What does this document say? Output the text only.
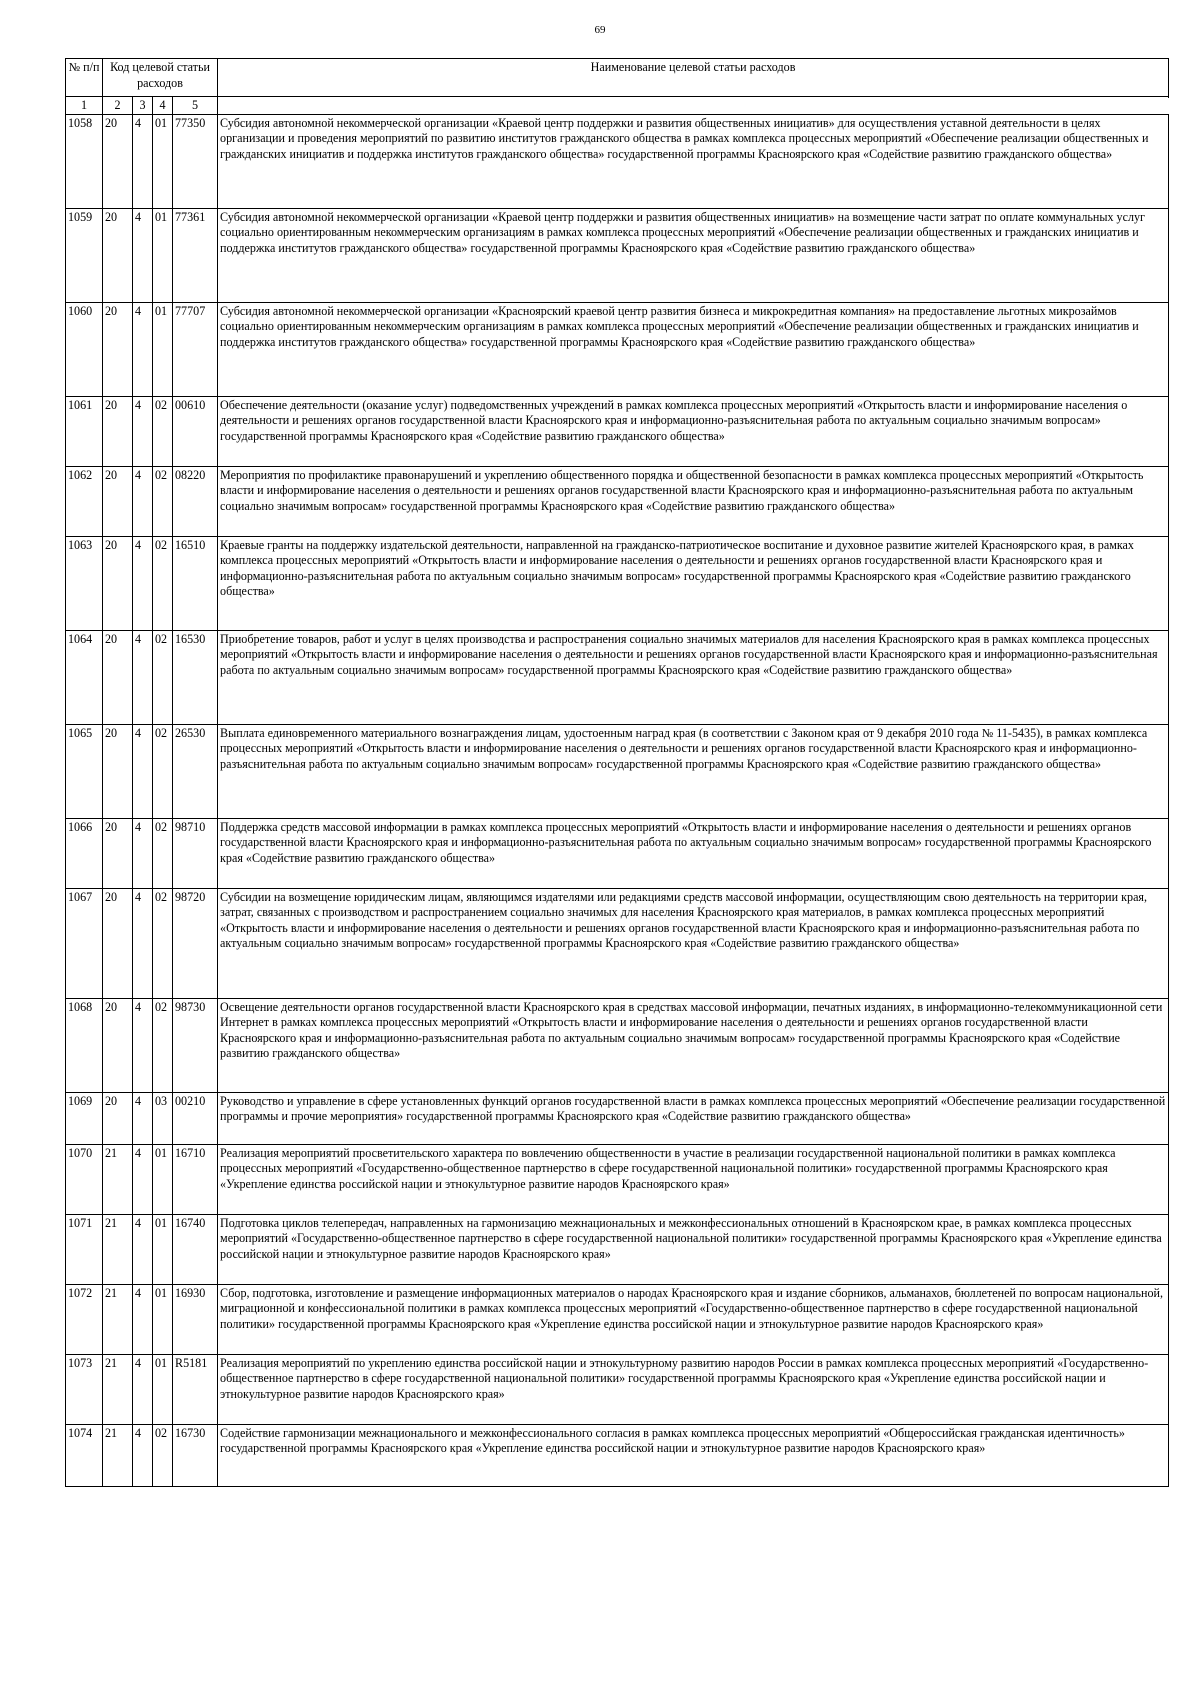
69
№ п/п	Код целевой статьи расходов				Наименование целевой статьи расходов

1	2	3	4	5	
1058	20	4	01	77350	Субсидия автономной некоммерческой организации «Краевой центр поддержки и развития общественных инициатив» для осуществления уставной деятельности в целях организации и проведения мероприятий по развитию институтов гражданского общества в рамках комплекса процессных мероприятий «Обеспечение реализации общественных и гражданских инициатив и поддержка институтов гражданского общества» государственной программы Красноярского края «Содействие развитию гражданского общества»
1059	20	4	01	77361	Субсидия автономной некоммерческой организации «Краевой центр поддержки и развития общественных инициатив» на возмещение части затрат по оплате коммунальных услуг социально ориентированным некоммерческим организациям в рамках комплекса процессных мероприятий «Обеспечение реализации общественных и гражданских инициатив и поддержка институтов гражданского общества» государственной программы Красноярского края «Содействие развитию гражданского общества»
1060	20	4	01	77707	Субсидия автономной некоммерческой организации «Красноярский краевой центр развития бизнеса и микрокредитная компания» на предоставление льготных микрозаймов социально ориентированным некоммерческим организациям в рамках комплекса процессных мероприятий «Обеспечение реализации общественных и гражданских инициатив и поддержка институтов гражданского общества» государственной программы Красноярского края «Содействие развитию гражданского общества»
1061	20	4	02	00610	Обеспечение деятельности (оказание услуг) подведомственных учреждений в рамках комплекса процессных мероприятий «Открытость власти и информирование населения о деятельности и решениях органов государственной власти Красноярского края и информационно-разъяснительная работа по актуальным социально значимым вопросам» государственной программы Красноярского края «Содействие развитию гражданского общества»
1062	20	4	02	08220	Мероприятия по профилактике правонарушений и укреплению общественного порядка и общественной безопасности в рамках комплекса процессных мероприятий «Открытость власти и информирование населения о деятельности и решениях органов государственной власти Красноярского края и информационно-разъяснительная работа по актуальным социально значимым вопросам» государственной программы Красноярского края «Содействие развитию гражданского общества»
1063	20	4	02	16510	Краевые гранты на поддержку издательской деятельности, направленной на гражданско-патриотическое воспитание и духовное развитие жителей Красноярского края, в рамках комплекса процессных мероприятий «Открытость власти и информирование населения о деятельности и решениях органов государственной власти Красноярского края и информационно-разъяснительная работа по актуальным социально значимым вопросам» государственной программы Красноярского края «Содействие развитию гражданского общества»
1064	20	4	02	16530	Приобретение товаров, работ и услуг в целях производства и распространения социально значимых материалов для населения Красноярского края в рамках комплекса процессных мероприятий «Открытость власти и информирование населения о деятельности и решениях органов государственной власти Красноярского края и информационно-разъяснительная работа по актуальным социально значимым вопросам» государственной программы Красноярского края «Содействие развитию гражданского общества»
1065	20	4	02	26530	Выплата единовременного материального вознаграждения лицам, удостоенным наград края (в соответствии с Законом края от 9 декабря 2010 года № 11-5435), в рамках комплекса процессных мероприятий «Открытость власти и информирование населения о деятельности и решениях органов государственной власти Красноярского края и информационно-разъяснительная работа по актуальным социально значимым вопросам» государственной программы Красноярского края «Содействие развитию гражданского общества»
1066	20	4	02	98710	Поддержка средств массовой информации в рамках комплекса процессных мероприятий «Открытость власти и информирование населения о деятельности и решениях органов государственной власти Красноярского края и информационно-разъяснительная работа по актуальным социально значимым вопросам» государственной программы Красноярского края «Содействие развитию гражданского общества»
1067	20	4	02	98720	Субсидии на возмещение юридическим лицам, являющимся издателями или редакциями средств массовой информации, осуществляющим свою деятельность на территории края, затрат, связанных с производством и распространением социально значимых для населения Красноярского края материалов, в рамках комплекса процессных мероприятий «Открытость власти и информирование населения о деятельности и решениях органов государственной власти Красноярского края и информационно-разъяснительная работа по актуальным социально значимым вопросам» государственной программы Красноярского края «Содействие развитию гражданского общества»
1068	20	4	02	98730	Освещение деятельности органов государственной власти Красноярского края в средствах массовой информации, печатных изданиях, в информационно-телекоммуникационной сети Интернет в рамках комплекса процессных мероприятий «Открытость власти и информирование населения о деятельности и решениях органов государственной власти Красноярского края и информационно-разъяснительная работа по актуальным социально значимым вопросам» государственной программы Красноярского края «Содействие развитию гражданского общества»
1069	20	4	03	00210	Руководство и управление в сфере установленных функций органов государственной власти в рамках комплекса процессных мероприятий «Обеспечение реализации государственной программы и прочие мероприятия» государственной программы Красноярского края «Содействие развитию гражданского общества»
1070	21	4	01	16710	Реализация мероприятий просветительского характера по вовлечению общественности в участие в реализации государственной национальной политики в рамках комплекса процессных мероприятий «Государственно-общественное партнерство в сфере государственной национальной политики» государственной программы Красноярского края «Укрепление единства российской нации и этнокультурное развитие народов Красноярского края»
1071	21	4	01	16740	Подготовка циклов телепередач, направленных на гармонизацию межнациональных и межконфессиональных отношений в Красноярском крае, в рамках комплекса процессных мероприятий «Государственно-общественное партнерство в сфере государственной национальной политики» государственной программы Красноярского края «Укрепление единства российской нации и этнокультурное развитие народов Красноярского края»
1072	21	4	01	16930	Сбор, подготовка, изготовление и размещение информационных материалов о народах Красноярского края и издание сборников, альманахов, бюллетеней по вопросам национальной, миграционной и конфессиональной политики в рамках комплекса процессных мероприятий «Государственно-общественное партнерство в сфере государственной национальной политики» государственной программы Красноярского края «Укрепление единства российской нации и этнокультурное развитие народов Красноярского края»
1073	21	4	01	R5181	Реализация мероприятий по укреплению единства российской нации и этнокультурному развитию народов России в рамках комплекса процессных мероприятий «Государственно-общественное партнерство в сфере государственной национальной политики» государственной программы Красноярского края «Укрепление единства российской нации и этнокультурное развитие народов Красноярского края»
1074	21	4	02	16730	Содействие гармонизации межнационального и межконфессионального согласия в рамках комплекса процессных мероприятий «Общероссийская гражданская идентичность» государственной программы Красноярского края «Укрепление единства российской нации и этнокультурное развитие народов Красноярского края»
